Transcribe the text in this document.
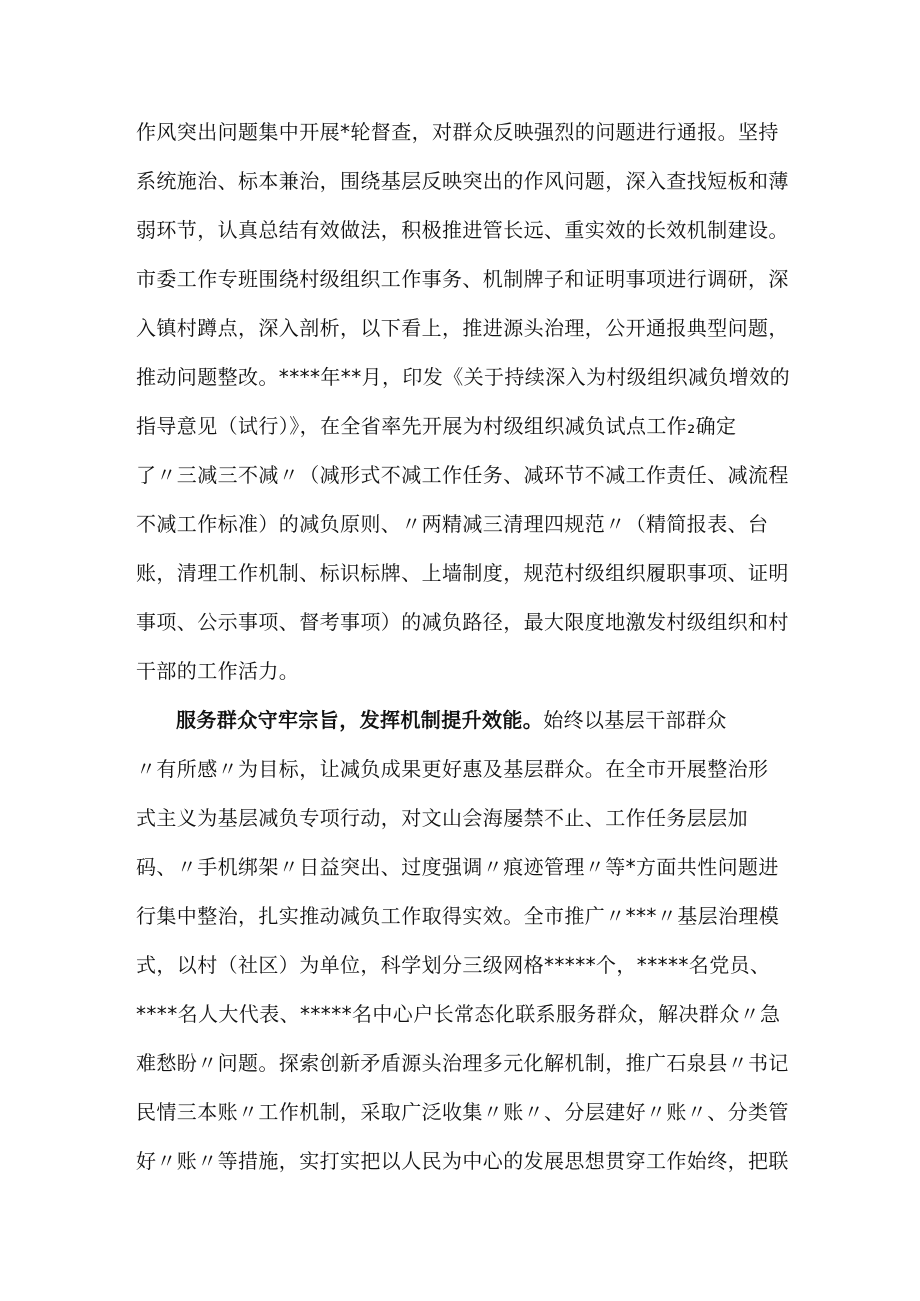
作风突出问题集中开展*轮督查，对群众反映强烈的问题进行通报。坚持
系统施治、标本兼治，围绕基层反映突出的作风问题，深入查找短板和薄
弱环节，认真总结有效做法，积极推进管长远、重实效的长效机制建设。
市委工作专班围绕村级组织工作事务、机制牌子和证明事项进行调研，深
入镇村蹲点，深入剖析，以下看上，推进源头治理，公开通报典型问题，
推动问题整改。****年**月，印发《关于持续深入为村级组织减负增效的
指导意见（试行）》，在全省率先开展为村级组织减负试点工作₂确定
了〃三减三不减〃（减形式不减工作任务、减环节不减工作责任、减流程
不减工作标准）的减负原则、〃两精减三清理四规范〃（精简报表、台
账，清理工作机制、标识标牌、上墙制度，规范村级组织履职事项、证明
事项、公示事项、督考事项）的减负路径，最大限度地激发村级组织和村
干部的工作活力。
服务群众守牢宗旨，发挥机制提升效能。始终以基层干部群众
〃有所感〃为目标，让减负成果更好惠及基层群众。在全市开展整治形
式主义为基层减负专项行动，对文山会海屡禁不止、工作任务层层加
码、〃手机绑架〃日益突出、过度强调〃痕迹管理〃等*方面共性问题进
行集中整治，扎实推动减负工作取得实效。全市推广〃***〃基层治理模
式，以村（社区）为单位，科学划分三级网格*****个，*****名党员、
****名人大代表、*****名中心户长常态化联系服务群众，解决群众〃急
难愁盼〃问题。探索创新矛盾源头治理多元化解机制，推广石泉县〃书记
民情三本账〃工作机制，采取广泛收集〃账〃、分层建好〃账〃、分类管
好〃账〃等措施，实打实把以人民为中心的发展思想贯穿工作始终，把联
